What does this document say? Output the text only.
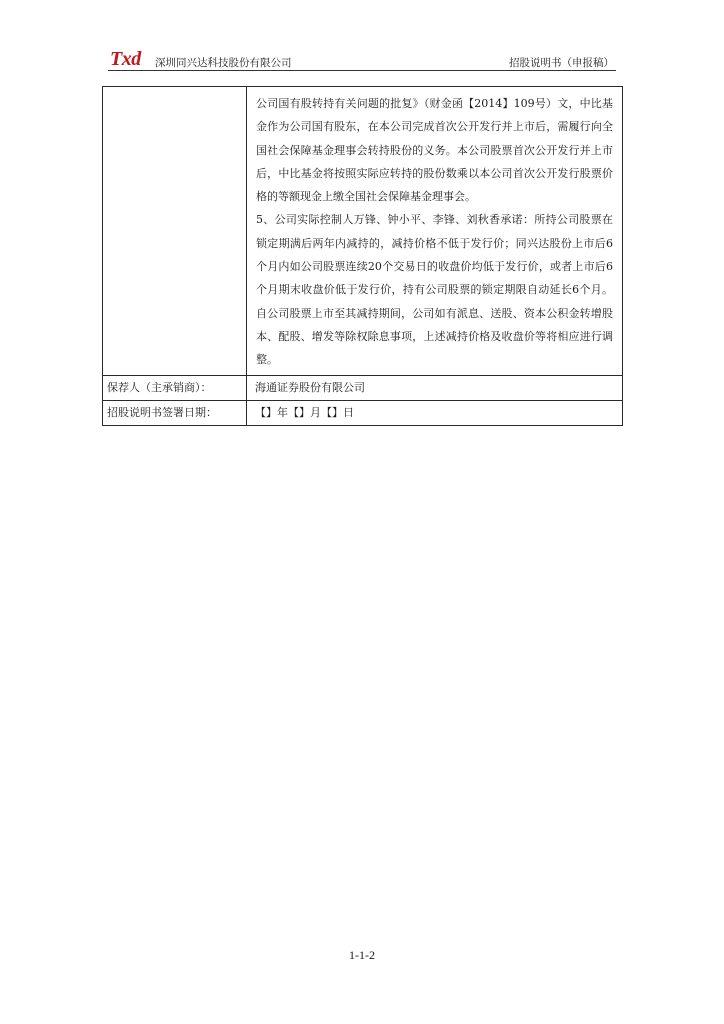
Txd 深圳同兴达科技股份有限公司	招股说明书（申报稿）

	公司国有股转持有关问题的批复》（财金函【2014】109号）文，中比基金作为公司国有股东，在本公司完成首次公开发行并上市后，需履行向全国社会保障基金理事会转持股份的义务。本公司股票首次公开发行并上市后，中比基金将按照实际应转持的股份数乘以本公司首次公开发行股票价格的等额现金上缴全国社会保障基金理事会。

5、公司实际控制人万锋、钟小平、李锋、刘秋香承诺：所持公司股票在锁定期满后两年内减持的，减持价格不低于发行价；同兴达股份上市后6个月内如公司股票连续20个交易日的收盘价均低于发行价，或者上市后6个月期末收盘价低于发行价，持有公司股票的锁定期限自动延长6个月。自公司股票上市至其减持期间，公司如有派息、送股、资本公积金转增股本、配股、增发等除权除息事项，上述减持价格及收盘价等将相应进行调整。

保荐人（主承销商）：	海通证券股份有限公司
招股说明书签署日期：	【】年【】月【】日
1-1-2
